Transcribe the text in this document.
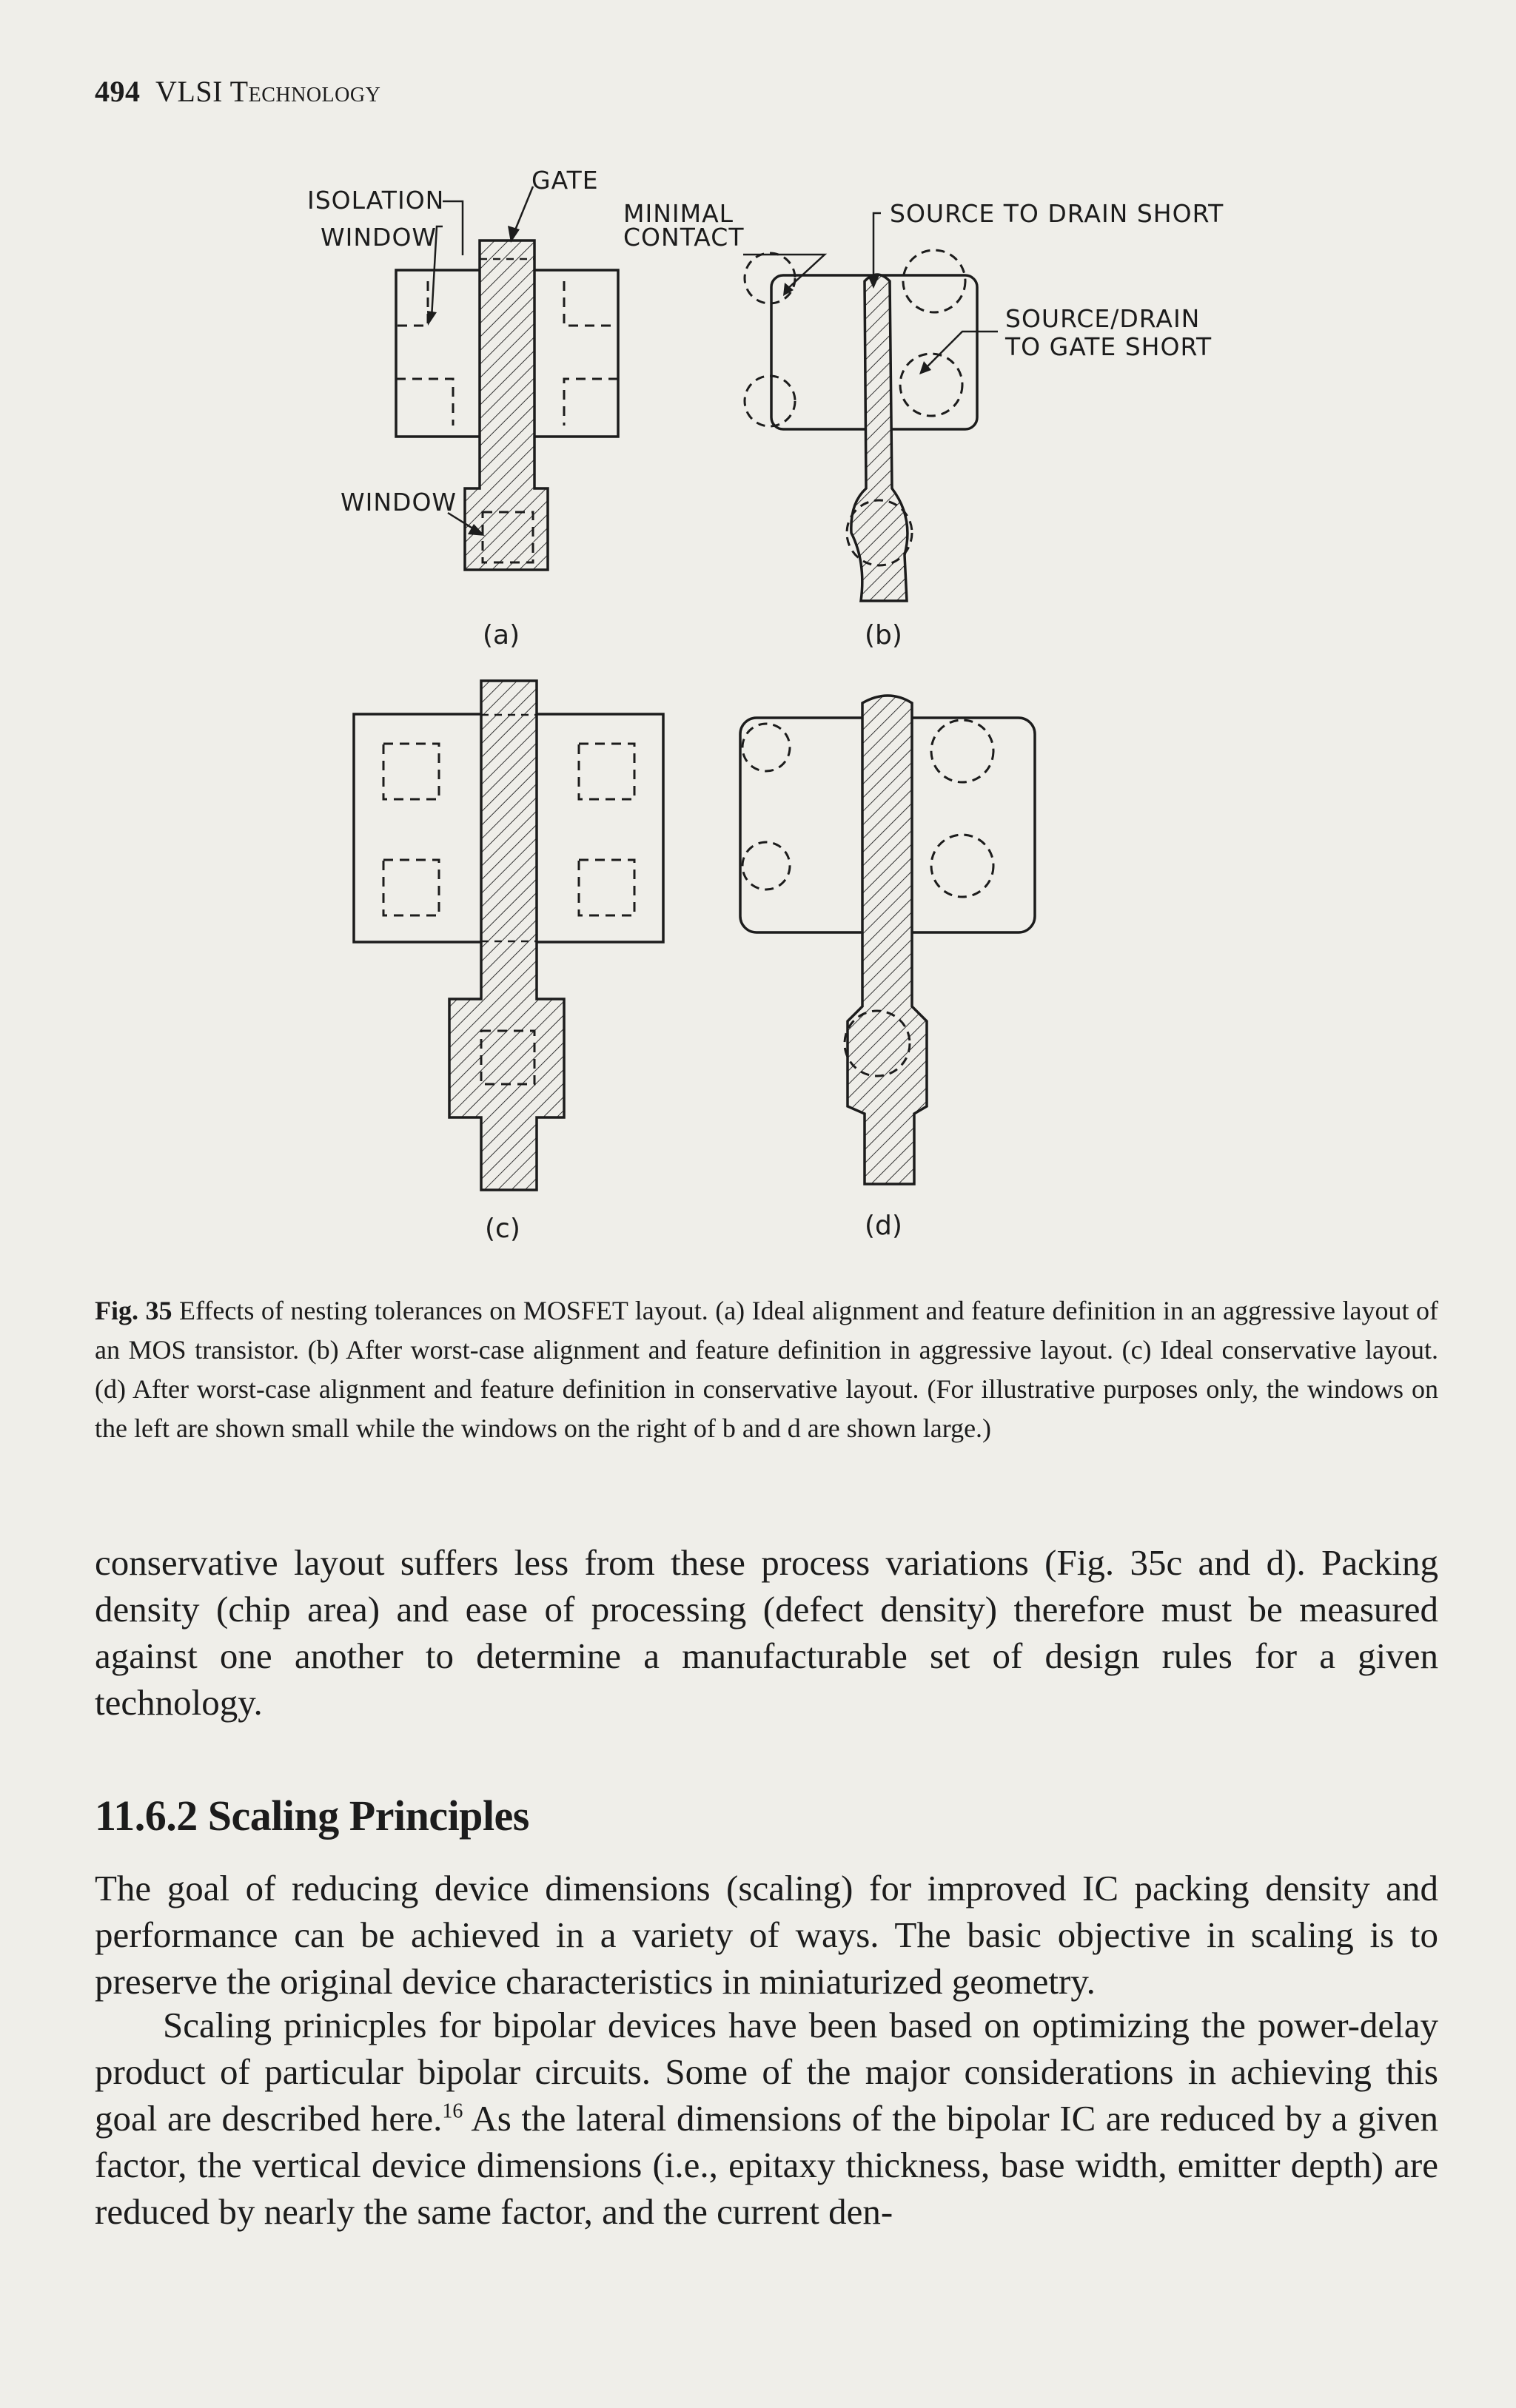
494 VLSI Technology
ISOLATION
WINDOW
GATE
WINDOW
(a)
MINIMAL
CONTACT
SOURCE TO DRAIN SHORT
SOURCE/DRAIN
TO GATE SHORT
(b)
(c)	(d)
Fig. 35 Effects of nesting tolerances on MOSFET layout. (a) Ideal alignment and feature definition in an aggressive layout of an MOS transistor. (b) After worst-case alignment and feature definition in aggressive layout. (c) Ideal conservative layout. (d) After worst-case alignment and feature definition in conservative layout. (For illustrative purposes only, the windows on the left are shown small while the windows on the right of b and d are shown large.)
conservative layout suffers less from these process variations (Fig. 35c and d). Packing density (chip area) and ease of processing (defect density) therefore must be measured against one another to determine a manufacturable set of design rules for a given technology.
11.6.2 Scaling Principles
The goal of reducing device dimensions (scaling) for improved IC packing density and performance can be achieved in a variety of ways. The basic objective in scaling is to preserve the original device characteristics in miniaturized geometry.
Scaling prinicples for bipolar devices have been based on optimizing the power-delay product of particular bipolar circuits. Some of the major considerations in achieving this goal are described here.$^{16}$ As the lateral dimensions of the bipolar IC are reduced by a given factor, the vertical device dimensions (i.e., epitaxy thickness, base width, emitter depth) are reduced by nearly the same factor, and the current den-
